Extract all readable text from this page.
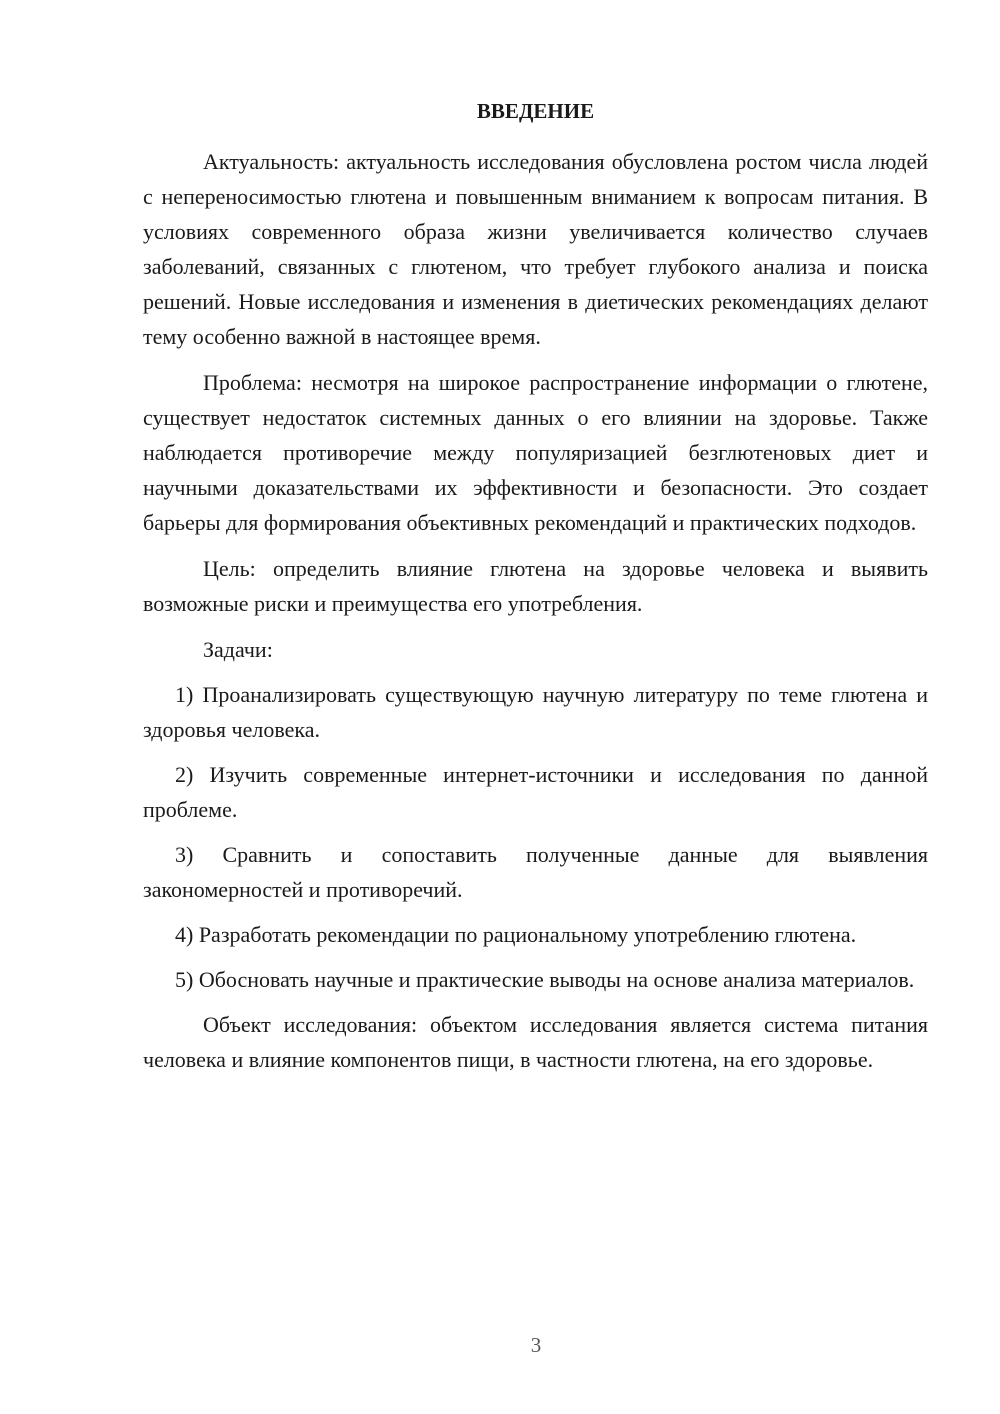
ВВЕДЕНИЕ

Актуальность: актуальность исследования обусловлена ростом числа людей с непереносимостью глютена и повышенным вниманием к вопросам питания. В условиях современного образа жизни увеличивается количество случаев заболеваний, связанных с глютеном, что требует глубокого анализа и поиска решений. Новые исследования и изменения в диетических рекомендациях делают тему особенно важной в настоящее время.

Проблема: несмотря на широкое распространение информации о глютене, существует недостаток системных данных о его влиянии на здоровье. Также наблюдается противоречие между популяризацией безглютеновых диет и научными доказательствами их эффективности и безопасности. Это создает барьеры для формирования объективных рекомендаций и практических подходов.

Цель: определить влияние глютена на здоровье человека и выявить возможные риски и преимущества его употребления.

Задачи:

1) Проанализировать существующую научную литературу по теме глютена и здоровья человека.

2) Изучить современные интернет-источники и исследования по данной проблеме.

3) Сравнить и сопоставить полученные данные для выявления закономерностей и противоречий.

4) Разработать рекомендации по рациональному употреблению глютена.

5) Обосновать научные и практические выводы на основе анализа материалов.

Объект исследования: объектом исследования является система питания человека и влияние компонентов пищи, в частности глютена, на его здоровье.

3
